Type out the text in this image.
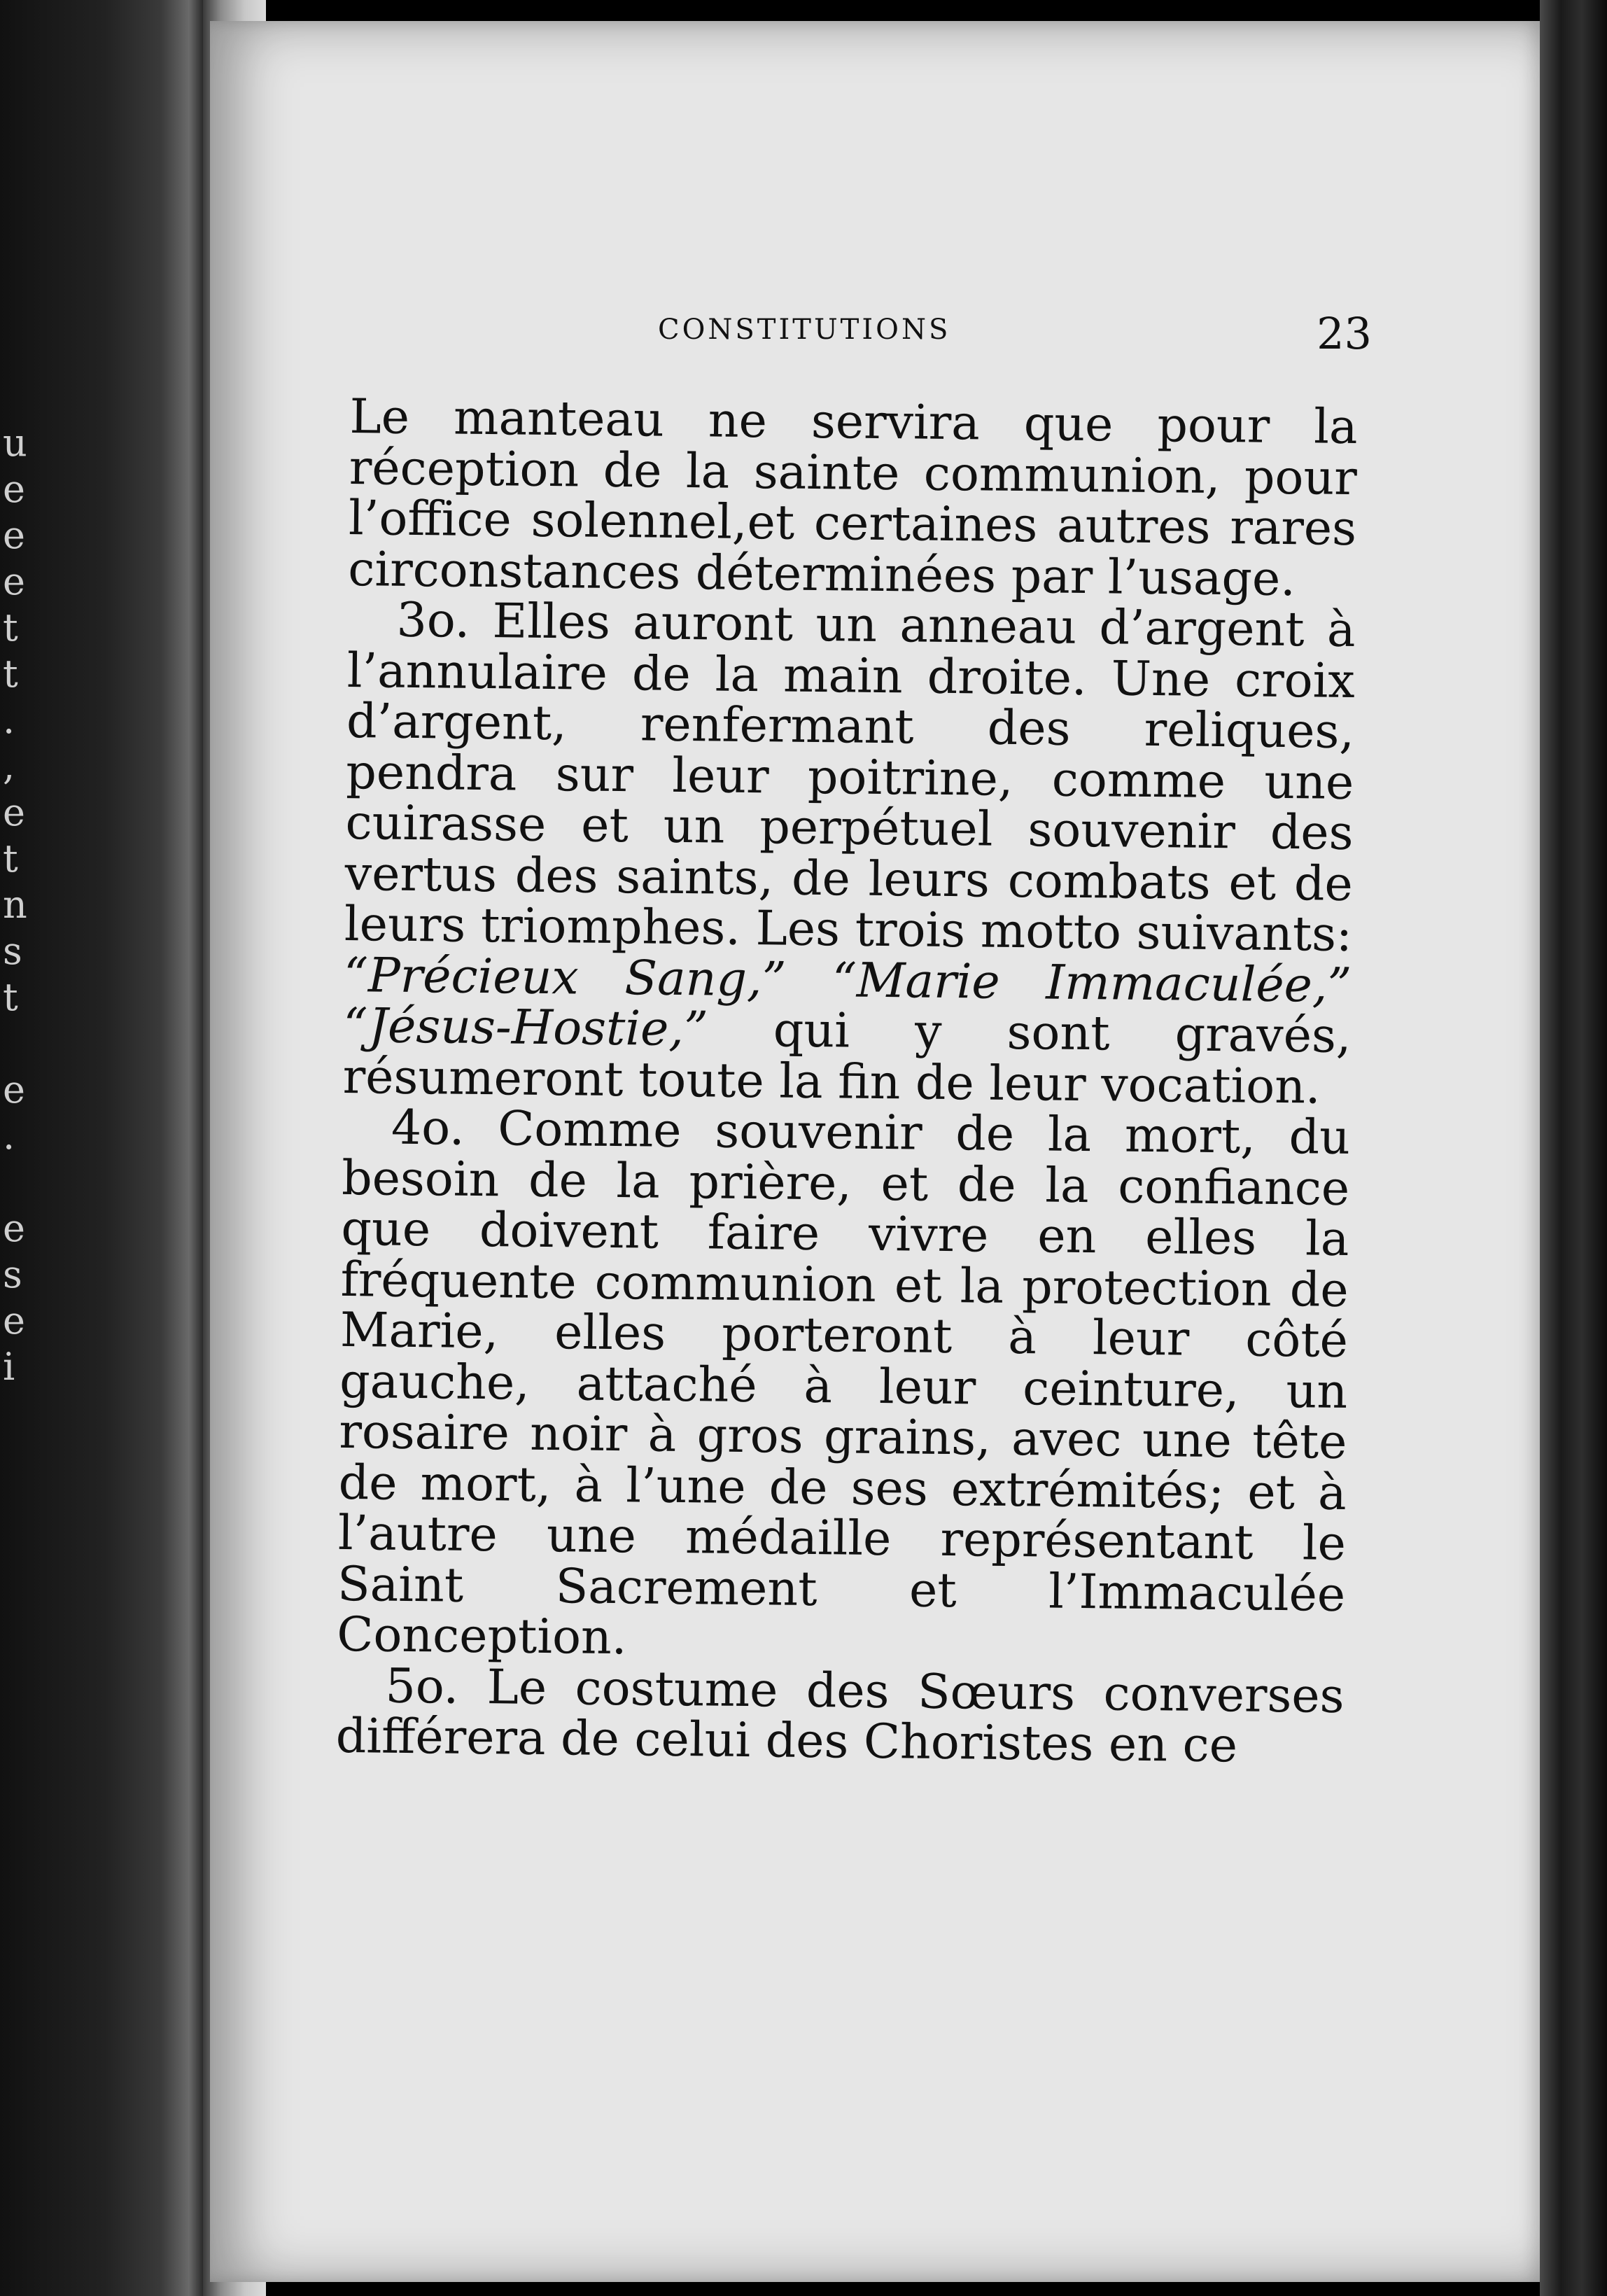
u
e
e
e
t
t
.
,
e
t
n
s
t
e
.
e
s
e
i
CONSTITUTIONS	23

Le manteau ne servira que pour la réception de la sainte communion, pour l’office solennel,et certaines autres rares circonstances déterminées par l’usage.

3o. Elles auront un anneau d’argent à l’annulaire de la main droite. Une croix d’argent, renfermant des reliques, pendra sur leur poitrine, comme une cuirasse et un perpétuel souvenir des vertus des saints, de leurs combats et de leurs triomphes. Les trois motto suivants: “Précieux Sang,” “Marie Immaculée,” “Jésus-Hostie,” qui y sont gravés, résumeront toute la fin de leur vocation.

4o. Comme souvenir de la mort, du besoin de la prière, et de la confiance que doivent faire vivre en elles la fréquente communion et la protection de Marie, elles porteront à leur côté gauche, attaché à leur ceinture, un rosaire noir à gros grains, avec une tête de mort, à l’une de ses extrémités; et à l’autre une médaille représentant le Saint Sacrement et l’Immaculée Conception.

5o. Le costume des Sœurs converses différera de celui des Choristes en ce
